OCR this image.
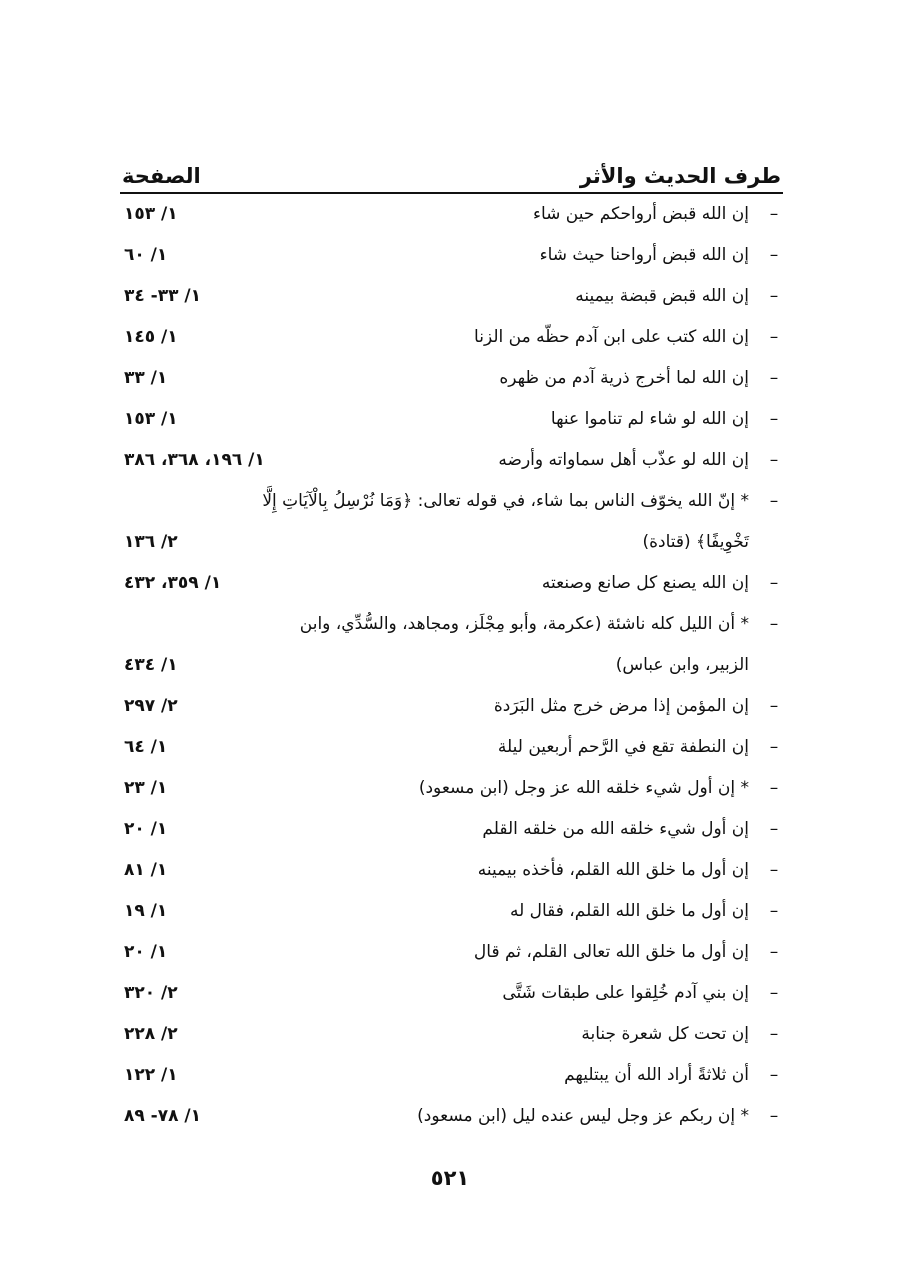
طرف الحديث والأثر
الصفحة
–
إن الله قبض أرواحكم حين شاء
١/ ١٥٣
–
إن الله قبض أرواحنا حيث شاء
١/ ٦٠
–
إن الله قبض قبضة بيمينه
١/ ٣٣- ٣٤
–
إن الله كتب على ابن آدم حظّه من الزنا
١/ ١٤٥
–
إن الله لما أخرج ذرية آدم من ظهره
١/ ٣٣
–
إن الله لو شاء لم تناموا عنها
١/ ١٥٣
–
إن الله لو عذّب أهل سماواته وأرضه
١/ ١٩٦، ٣٦٨، ٣٨٦
–
* إنّ الله يخوّف الناس بما شاء، في قوله تعالى: ﴿وَمَا نُرْسِلُ بِالْآيَاتِ إِلَّا
تَخْوِيفًا﴾ (قتادة)
٢/ ١٣٦
–
إن الله يصنع كل صانع وصنعته
١/ ٣٥٩، ٤٣٢
–
* أن الليل كله ناشئة (عكرمة، وأبو مِجْلَز، ومجاهد، والسُّدِّي، وابن
الزبير، وابن عباس)
١/ ٤٣٤
–
إن المؤمن إذا مرض خرج مثل البَرَدة
٢/ ٢٩٧
–
إن النطفة تقع في الرَّحم أربعين ليلة
١/ ٦٤
–
* إن أول شيء خلقه الله عز وجل (ابن مسعود)
١/ ٢٣
–
إن أول شيء خلقه الله من خلقه القلم
١/ ٢٠
–
إن أول ما خلق الله القلم، فأخذه بيمينه
١/ ٨١
–
إن أول ما خلق الله القلم، فقال له
١/ ١٩
–
إن أول ما خلق الله تعالى القلم، ثم قال
١/ ٢٠
–
إن بني آدم خُلِقوا على طبقات شَتَّى
٢/ ٣٢٠
–
إن تحت كل شعرة جنابة
٢/ ٢٢٨
–
أن ثلاثةً أراد الله أن يبتليهم
١/ ١٢٢
–
* إن ربكم عز وجل ليس عنده ليل (ابن مسعود)
١/ ٧٨- ٨٩
٥٢١
